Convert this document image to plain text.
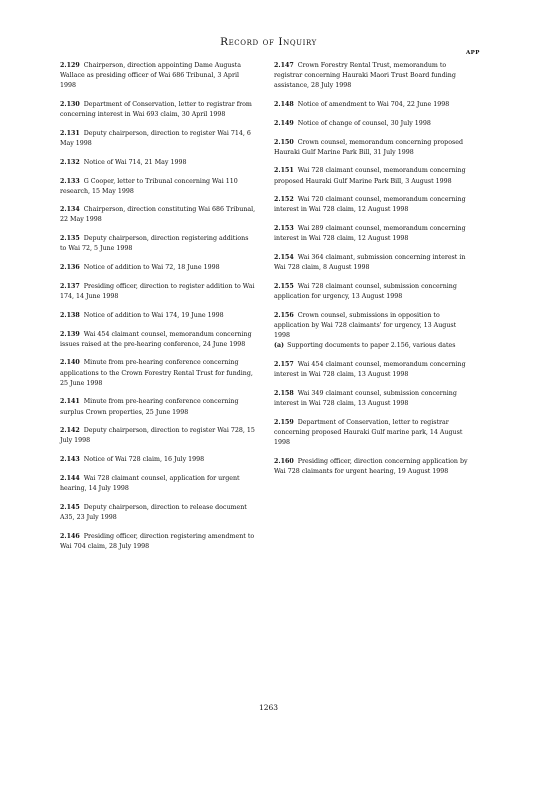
Record of Inquiry
APP

2.129 Chairperson, direction appointing Dame Augusta Wallace as presiding officer of Wai 686 Tribunal, 3 April 1998

2.130 Department of Conservation, letter to registrar from concerning interest in Wai 693 claim, 30 April 1998

2.131 Deputy chairperson, direction to register Wai 714, 6 May 1998

2.132 Notice of Wai 714, 21 May 1998

2.133 G Cooper, letter to Tribunal concerning Wai 110 research, 15 May 1998

2.134 Chairperson, direction constituting Wai 686 Tribunal, 22 May 1998

2.135 Deputy chairperson, direction registering additions to Wai 72, 5 June 1998

2.136 Notice of addition to Wai 72, 18 June 1998

2.137 Presiding officer, direction to register addition to Wai 174, 14 June 1998

2.138 Notice of addition to Wai 174, 19 June 1998

2.139 Wai 454 claimant counsel, memorandum concerning issues raised at the pre-hearing conference, 24 June 1998

2.140 Minute from pre-hearing conference concerning applications to the Crown Forestry Rental Trust for funding, 25 June 1998

2.141 Minute from pre-hearing conference concerning surplus Crown properties, 25 June 1998

2.142 Deputy chairperson, direction to register Wai 728, 15 July 1998

2.143 Notice of Wai 728 claim, 16 July 1998

2.144 Wai 728 claimant counsel, application for urgent hearing, 14 July 1998

2.145 Deputy chairperson, direction to release document A35, 23 July 1998

2.146 Presiding officer, direction registering amendment to Wai 704 claim, 28 July 1998

2.147 Crown Forestry Rental Trust, memorandum to registrar concerning Hauraki Maori Trust Board funding assistance, 28 July 1998

2.148 Notice of amendment to Wai 704, 22 June 1998

2.149 Notice of change of counsel, 30 July 1998

2.150 Crown counsel, memorandum concerning proposed Hauraki Gulf Marine Park Bill, 31 July 1998

2.151 Wai 728 claimant counsel, memorandum concerning proposed Hauraki Gulf Marine Park Bill, 3 August 1998

2.152 Wai 720 claimant counsel, memorandum concerning interest in Wai 728 claim, 12 August 1998

2.153 Wai 289 claimant counsel, memorandum concerning interest in Wai 728 claim, 12 August 1998

2.154 Wai 364 claimant, submission concerning interest in Wai 728 claim, 8 August 1998

2.155 Wai 728 claimant counsel, submission concerning application for urgency, 13 August 1998

2.156 Crown counsel, submissions in opposition to application by Wai 728 claimants' for urgency, 13 August 1998
(a) Supporting documents to paper 2.156, various dates

2.157 Wai 454 claimant counsel, memorandum concerning interest in Wai 728 claim, 13 August 1998

2.158 Wai 349 claimant counsel, submission concerning interest in Wai 728 claim, 13 August 1998

2.159 Department of Conservation, letter to registrar concerning proposed Hauraki Gulf marine park, 14 August 1998

2.160 Presiding officer, direction concerning application by Wai 728 claimants for urgent hearing, 19 August 1998

1263
